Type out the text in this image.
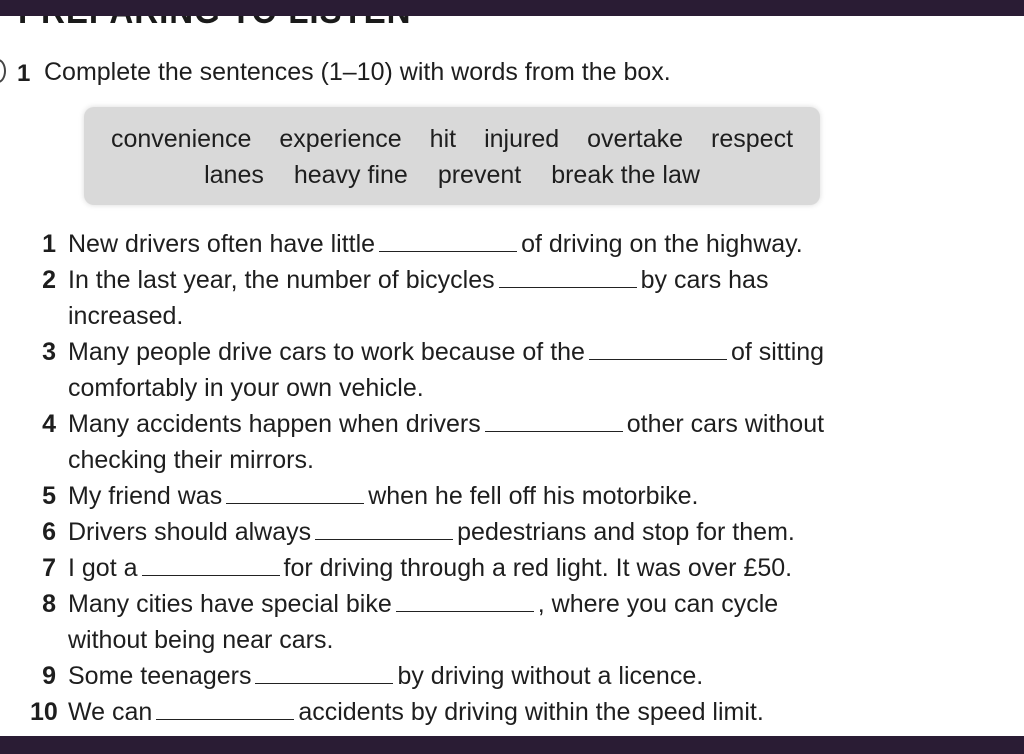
1 Complete the sentences (1–10) with words from the box.
convenience experience hit injured overtake respect
lanes heavy fine prevent break the law

1 New drivers often have little	of driving on the highway.

2 In the last year, the number of bicycles	by cars has
increased.

3 Many people drive cars to work because of the	of sitting
comfortably in your own vehicle.

4 Many accidents happen when drivers	other cars without
checking their mirrors.

5 My friend was	when he fell off his motorbike.

6 Drivers should always	pedestrians and stop for them.

7 I got a	for driving through a red light. It was over £50.

8 Many cities have special bike	, where you can cycle
without being near cars.

9 Some teenagers	by driving without a licence.

10 We can	accidents by driving within the speed limit.
